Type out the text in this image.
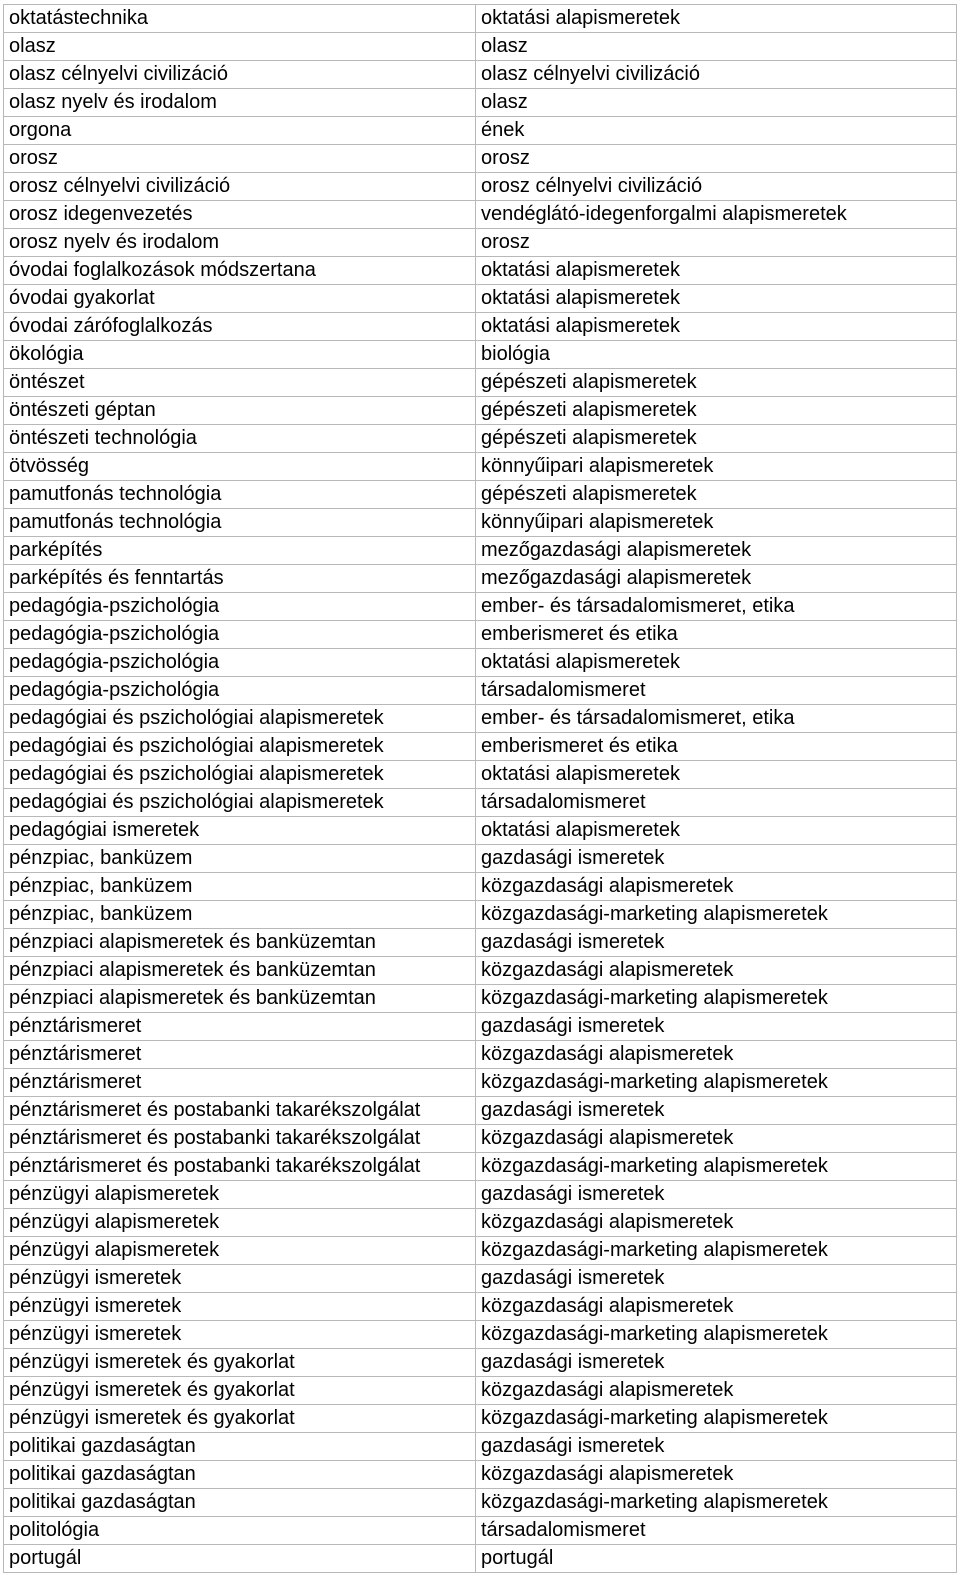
oktatástechnika	oktatási alapismeretek
olasz	olasz
olasz célnyelvi civilizáció	olasz célnyelvi civilizáció
olasz nyelv és irodalom	olasz
orgona	ének
orosz	orosz
orosz célnyelvi civilizáció	orosz célnyelvi civilizáció
orosz idegenvezetés	vendéglátó-idegenforgalmi alapismeretek
orosz nyelv és irodalom	orosz
óvodai foglalkozások módszertana	oktatási alapismeretek
óvodai gyakorlat	oktatási alapismeretek
óvodai zárófoglalkozás	oktatási alapismeretek
ökológia	biológia
öntészet	gépészeti alapismeretek
öntészeti géptan	gépészeti alapismeretek
öntészeti technológia	gépészeti alapismeretek
ötvösség	könnyűipari alapismeretek
pamutfonás technológia	gépészeti alapismeretek
pamutfonás technológia	könnyűipari alapismeretek
parképítés	mezőgazdasági alapismeretek
parképítés és fenntartás	mezőgazdasági alapismeretek
pedagógia-pszichológia	ember- és társadalomismeret, etika
pedagógia-pszichológia	emberismeret és etika
pedagógia-pszichológia	oktatási alapismeretek
pedagógia-pszichológia	társadalomismeret
pedagógiai és pszichológiai alapismeretek	ember- és társadalomismeret, etika
pedagógiai és pszichológiai alapismeretek	emberismeret és etika
pedagógiai és pszichológiai alapismeretek	oktatási alapismeretek
pedagógiai és pszichológiai alapismeretek	társadalomismeret
pedagógiai ismeretek	oktatási alapismeretek
pénzpiac, banküzem	gazdasági ismeretek
pénzpiac, banküzem	közgazdasági alapismeretek
pénzpiac, banküzem	közgazdasági-marketing alapismeretek
pénzpiaci alapismeretek és banküzemtan	gazdasági ismeretek
pénzpiaci alapismeretek és banküzemtan	közgazdasági alapismeretek
pénzpiaci alapismeretek és banküzemtan	közgazdasági-marketing alapismeretek
pénztárismeret	gazdasági ismeretek
pénztárismeret	közgazdasági alapismeretek
pénztárismeret	közgazdasági-marketing alapismeretek
pénztárismeret és postabanki takarékszolgálat	gazdasági ismeretek
pénztárismeret és postabanki takarékszolgálat	közgazdasági alapismeretek
pénztárismeret és postabanki takarékszolgálat	közgazdasági-marketing alapismeretek
pénzügyi alapismeretek	gazdasági ismeretek
pénzügyi alapismeretek	közgazdasági alapismeretek
pénzügyi alapismeretek	közgazdasági-marketing alapismeretek
pénzügyi ismeretek	gazdasági ismeretek
pénzügyi ismeretek	közgazdasági alapismeretek
pénzügyi ismeretek	közgazdasági-marketing alapismeretek
pénzügyi ismeretek és gyakorlat	gazdasági ismeretek
pénzügyi ismeretek és gyakorlat	közgazdasági alapismeretek
pénzügyi ismeretek és gyakorlat	közgazdasági-marketing alapismeretek
politikai gazdaságtan	gazdasági ismeretek
politikai gazdaságtan	közgazdasági alapismeretek
politikai gazdaságtan	közgazdasági-marketing alapismeretek
politológia	társadalomismeret
portugál	portugál
